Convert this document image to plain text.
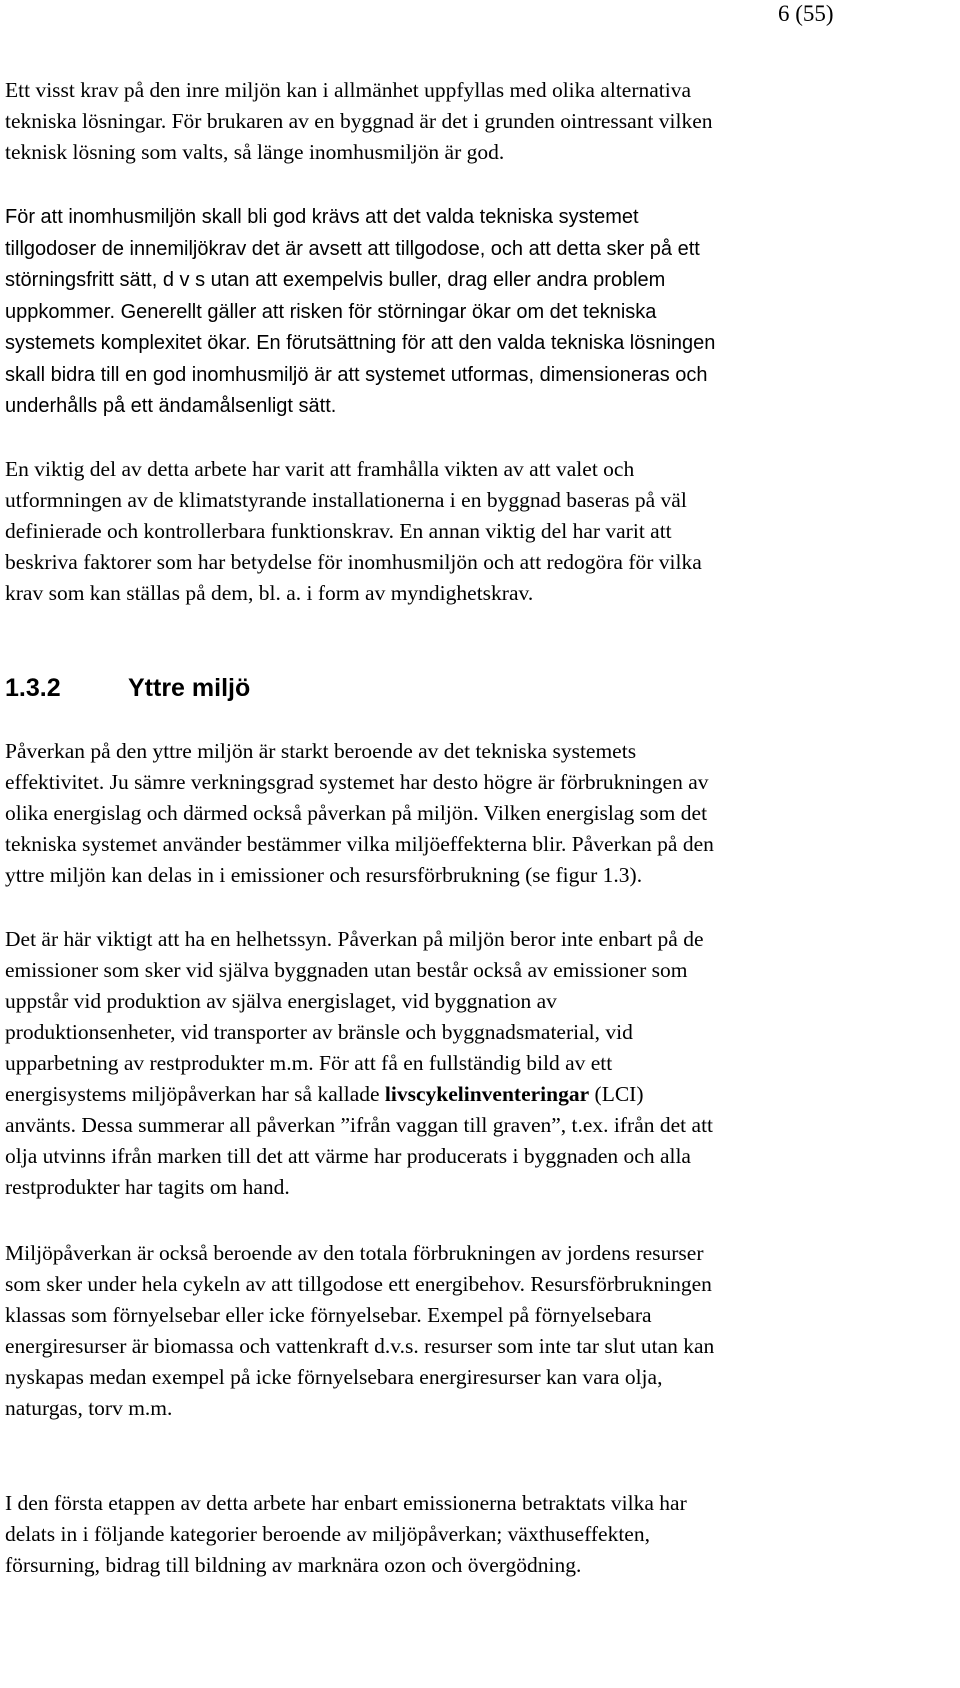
6 (55)

Ett visst krav på den inre miljön kan i allmänhet uppfyllas med olika alternativa
tekniska lösningar. För brukaren av en byggnad är det i grunden ointressant vilken
teknisk lösning som valts, så länge inomhusmiljön är god.

För att inomhusmiljön skall bli god krävs att det valda tekniska systemet
tillgodoser de innemiljökrav det är avsett att tillgodose, och att detta sker på ett
störningsfritt sätt, d v s utan att exempelvis buller, drag eller andra problem
uppkommer. Generellt gäller att risken för störningar ökar om det tekniska
systemets komplexitet ökar. En förutsättning för att den valda tekniska lösningen
skall bidra till en god inomhusmiljö är att systemet utformas, dimensioneras och
underhålls på ett ändamålsenligt sätt.

En viktig del av detta arbete har varit att framhålla vikten av att valet och
utformningen av de klimatstyrande installationerna i en byggnad baseras på väl
definierade och kontrollerbara funktionskrav. En annan viktig del har varit att
beskriva faktorer som har betydelse för inomhusmiljön och att redogöra för vilka
krav som kan ställas på dem, bl. a. i form av myndighetskrav.

1.3.2	Yttre miljö

Påverkan på den yttre miljön är starkt beroende av det tekniska systemets
effektivitet. Ju sämre verkningsgrad systemet har desto högre är förbrukningen av
olika energislag och därmed också påverkan på miljön. Vilken energislag som det
tekniska systemet använder bestämmer vilka miljöeffekterna blir. Påverkan på den
yttre miljön kan delas in i emissioner och resursförbrukning (se figur 1.3).

Det är här viktigt att ha en helhetssyn. Påverkan på miljön beror inte enbart på de
emissioner som sker vid själva byggnaden utan består också av emissioner som
uppstår vid produktion av själva energislaget, vid byggnation av
produktionsenheter, vid transporter av bränsle och byggnadsmaterial, vid
upparbetning av restprodukter m.m. För att få en fullständig bild av ett
energisystems miljöpåverkan har så kallade livscykelinventeringar (LCI)
använts. Dessa summerar all påverkan ”ifrån vaggan till graven”, t.ex. ifrån det att
olja utvinns ifrån marken till det att värme har producerats i byggnaden och alla
restprodukter har tagits om hand.

Miljöpåverkan är också beroende av den totala förbrukningen av jordens resurser
som sker under hela cykeln av att tillgodose ett energibehov. Resursförbrukningen
klassas som förnyelsebar eller icke förnyelsebar. Exempel på förnyelsebara
energiresurser är biomassa och vattenkraft d.v.s. resurser som inte tar slut utan kan
nyskapas medan exempel på icke förnyelsebara energiresurser kan vara olja,
naturgas, torv m.m.

I den första etappen av detta arbete har enbart emissionerna betraktats vilka har
delats in i följande kategorier beroende av miljöpåverkan; växthuseffekten,
försurning, bidrag till bildning av marknära ozon och övergödning.
